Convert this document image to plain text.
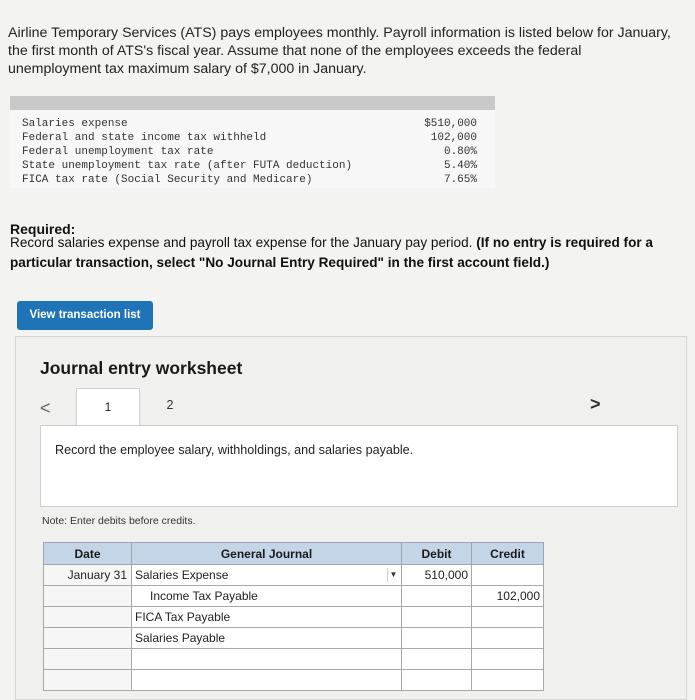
Airline Temporary Services (ATS) pays employees monthly. Payroll information is listed below for January,
the first month of ATS's fiscal year. Assume that none of the employees exceeds the federal
unemployment tax maximum salary of $7,000 in January.
Salaries expense	$510,000
Federal and state income tax withheld	102,000
Federal unemployment tax rate	0.80%
State unemployment tax rate (after FUTA deduction)	5.40%
FICA tax rate (Social Security and Medicare)	7.65%
Required:
Record salaries expense and payroll tax expense for the January pay period. (If no entry is required for a particular transaction, select "No Journal Entry Required" in the first account field.)
View transaction list
Journal entry worksheet
<	1	2	>
Record the employee salary, withholdings, and salaries payable.
Note: Enter debits before credits.
Date	General Journal	Debit	Credit
January 31	Salaries Expense ▼	510,000	
	Income Tax Payable		102,000
	FICA Tax Payable		
	Salaries Payable		
